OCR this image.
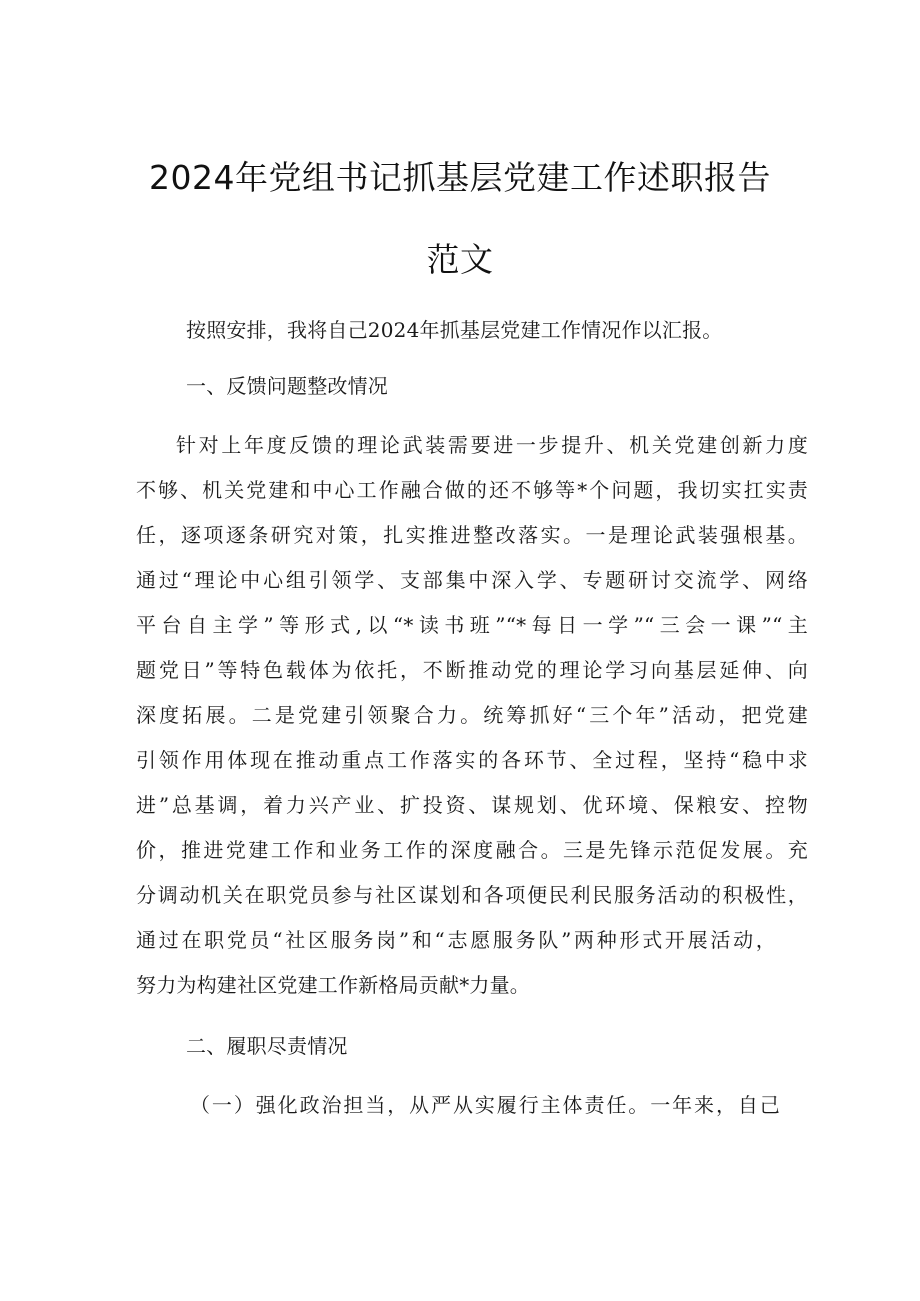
2024年党组书记抓基层党建工作述职报告
范文

按照安排，我将自己2024年抓基层党建工作情况作以汇报。

一、反馈问题整改情况

针对上年度反馈的理论武装需要进一步提升、机关党建创新力度

不够、机关党建和中心工作融合做的还不够等*个问题，我切实扛实责

任，逐项逐条研究对策，扎实推进整改落实。一是理论武装强根基。

通过“理论中心组引领学、支部集中深入学、专题研讨交流学、网络

平台自主学”等形式,以“*读书班”“*每日一学”“三会一课”“主

题党日”等特色载体为依托，不断推动党的理论学习向基层延伸、向

深度拓展。二是党建引领聚合力。统筹抓好“三个年”活动，把党建

引领作用体现在推动重点工作落实的各环节、全过程，坚持“稳中求

进”总基调，着力兴产业、扩投资、谋规划、优环境、保粮安、控物

价，推进党建工作和业务工作的深度融合。三是先锋示范促发展。充

分调动机关在职党员参与社区谋划和各项便民利民服务活动的积极性，

通过在职党员“社区服务岗”和“志愿服务队”两种形式开展活动，

努力为构建社区党建工作新格局贡献*力量。

二、履职尽责情况

（一）强化政治担当，从严从实履行主体责任。一年来，自己
